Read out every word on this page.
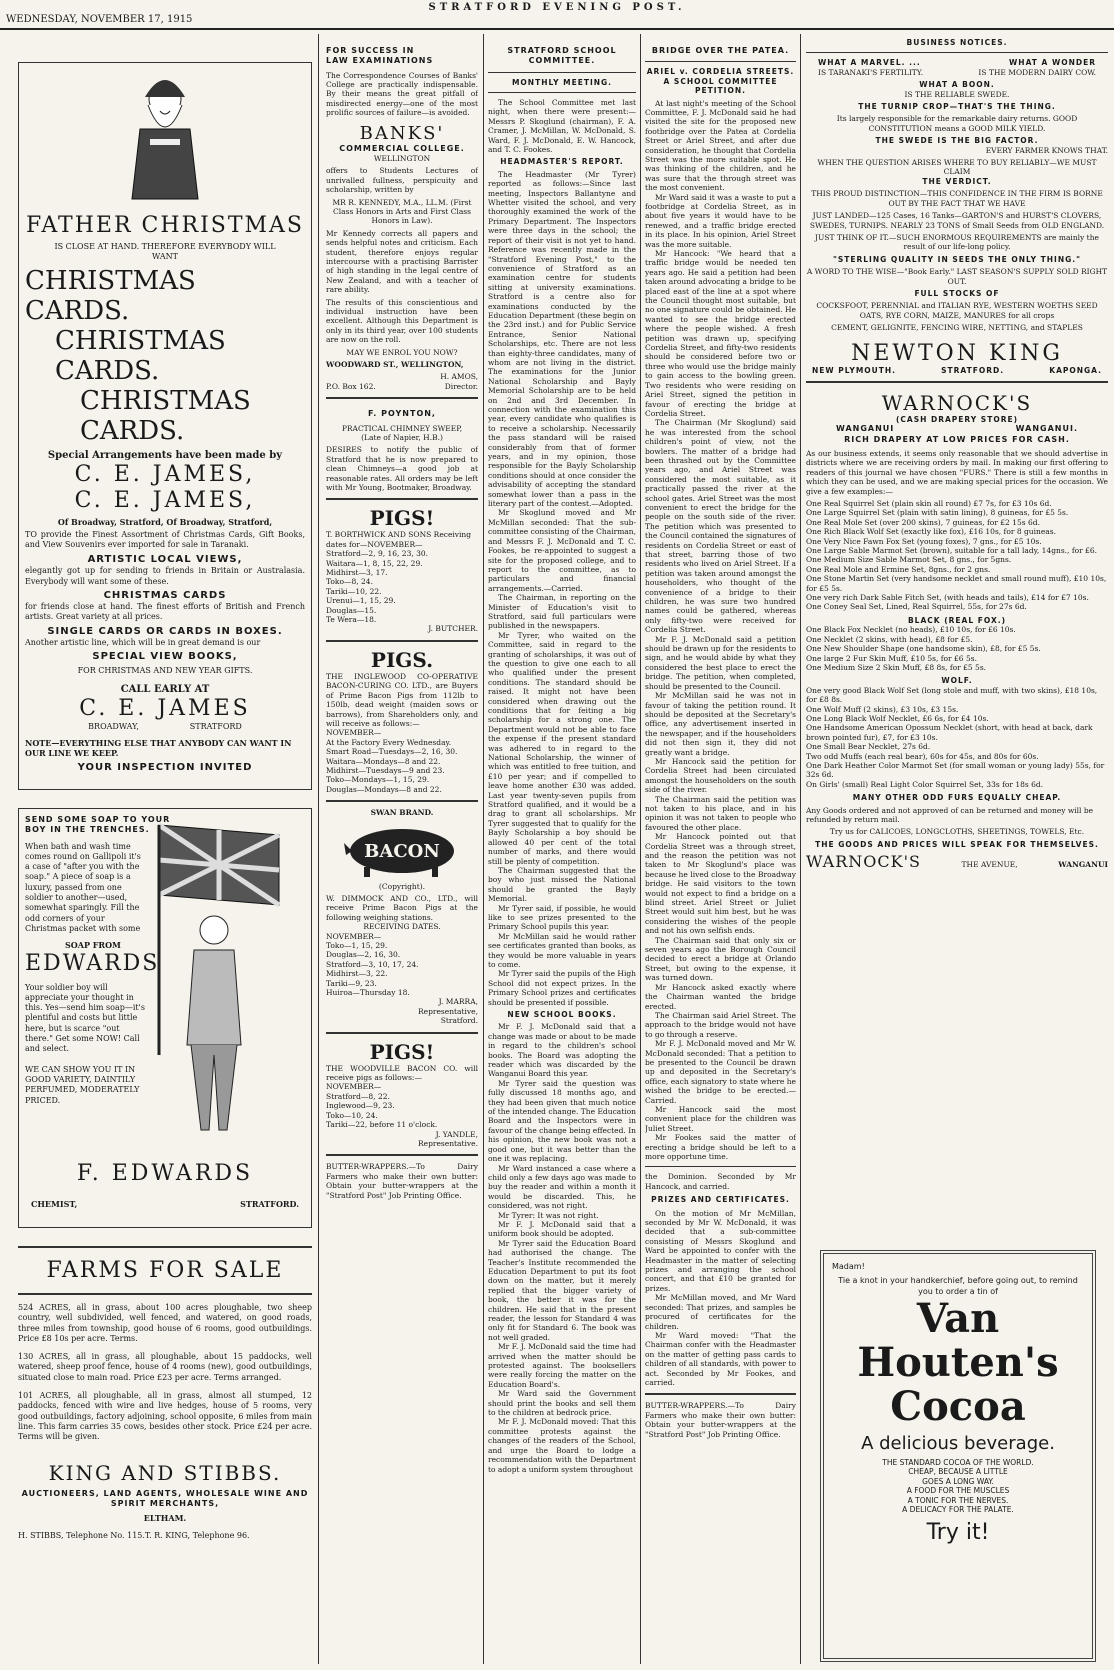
WEDNESDAY, NOVEMBER 17, 1915
STRATFORD EVENING POST.
FATHER CHRISTMAS
IS CLOSE AT HAND. THEREFORE EVERYBODY WILL WANT
CHRISTMAS CARDS.
CHRISTMAS CARDS.
CHRISTMAS CARDS.
Special Arrangements have been made by
C. E. JAMES,
C. E. JAMES,
Of Broadway, Stratford, Of Broadway, Stratford,
TO provide the Finest Assortment of Christmas Cards, Gift Books, and View Souvenirs ever imported for sale in Taranaki.
ARTISTIC LOCAL VIEWS,
elegantly got up for sending to friends in Britain or Australasia. Everybody will want some of these.
CHRISTMAS CARDS
for friends close at hand. The finest efforts of British and French artists. Great variety at all prices.
SINGLE CARDS OR CARDS IN BOXES.
Another artistic line, which will be in great demand is our
SPECIAL VIEW BOOKS,
FOR CHRISTMAS AND NEW YEAR GIFTS.
CALL EARLY AT
C. E. JAMES
BROADWAY,                    STRATFORD
NOTE—EVERYTHING ELSE THAT ANYBODY CAN WANT IN OUR LINE WE KEEP.
YOUR INSPECTION INVITED
SEND SOME SOAP TO YOUR
BOY IN THE TRENCHES.
When bath and wash time comes round on Gallipoli it's a case of "after you with the soap." A piece of soap is a luxury, passed from one soldier to another—used, somewhat sparingly. Fill the odd corners of your Christmas packet with some
SOAP FROM
EDWARDS
Your soldier boy will appreciate your thought in this. Yes—send him soap—it's plentiful and costs but little here, but is scarce "out there." Get some NOW! Call and select.
WE CAN SHOW YOU IT IN GOOD VARIETY, DAINTILY PERFUMED, MODERATELY PRICED.
F. EDWARDS
CHEMIST,	STRATFORD.
FARMS FOR SALE
524 ACRES, all in grass, about 100 acres ploughable, two sheep country, well subdivided, well fenced, and watered, on good roads, three miles from township, good house of 6 rooms, good outbuildings. Price £8 10s per acre. Terms.
130 ACRES, all in grass, all ploughable, about 15 paddocks, well watered, sheep proof fence, house of 4 rooms (new), good outbuildings, situated close to main road. Price £23 per acre. Terms arranged.
101 ACRES, all ploughable, all in grass, almost all stumped, 12 paddocks, fenced with wire and live hedges, house of 5 rooms, very good outbuildings, factory adjoining, school opposite, 6 miles from main line. This farm carries 35 cows, besides other stock. Price £24 per acre. Terms will be given.
KING AND STIBBS.
AUCTIONEERS, LAND AGENTS, WHOLESALE WINE AND SPIRIT MERCHANTS,
ELTHAM.
H. STIBBS, Telephone No. 115.T. R. KING, Telephone 96.
FOR SUCCESS IN
LAW EXAMINATIONS
The Correspondence Courses of Banks' College are practically indispensable. By their means the great pitfall of misdirected energy—one of the most prolific sources of failure—is avoided.
BANKS'
COMMERCIAL COLLEGE.
WELLINGTON
offers to Students Lectures of unrivalled fullness, perspicuity and scholarship, written by
MR R. KENNEDY, M.A., LL.M. (First Class Honors in Arts and First Class Honors in Law).
Mr Kennedy corrects all papers and sends helpful notes and criticism. Each student, therefore enjoys regular intercourse with a practising Barrister of high standing in the legal centre of New Zealand, and with a teacher of rare ability.
The results of this conscientious and individual instruction have been excellent. Although this Department is only in its third year, over 100 students are now on the roll.
MAY WE ENROL YOU NOW?
WOODWARD ST., WELLINGTON,
H. AMOS,
P.O. Box 162.	Director.
F. POYNTON,
PRACTICAL CHIMNEY SWEEP,
(Late of Napier, H.B.)
DESIRES to notify the public of Stratford that he is now prepared to clean Chimneys—a good job at reasonable rates. All orders may be left with Mr Young, Bootmaker, Broadway.
PIGS!
T. BORTHWICK AND SONS Receiving dates for—NOVEMBER—
Stratford—2, 9, 16, 23, 30.
Waitara—1, 8, 15, 22, 29.
Midhirst—3, 17.
Toko—8, 24.
Tariki—10, 22.
Urenui—1, 15, 29.
Douglas—15.
Te Wera—18.
J. BUTCHER.
PIGS.
THE INGLEWOOD CO-OPERATIVE BACON-CURING CO. LTD., are Buyers of Prime Bacon Pigs from 112lb to 150lb, dead weight (maiden sows or barrows), from Shareholders only, and will receive as follows:—
NOVEMBER—
At the Factory Every Wednesday.
Smart Road—Tuesdays—2, 16, 30.
Waitara—Mondays—8 and 22.
Midhirst—Tuesdays—9 and 23.
Toko—Mondays—1, 15, 29.
Douglas—Mondays—8 and 22.
SWAN BRAND.
BACON
(Copyright).
W. DIMMOCK AND CO., LTD., will receive Prime Bacon Pigs at the following weighing stations.
RECEIVING DATES.
NOVEMBER—
Toko—1, 15, 29.
Douglas—2, 16, 30.
Stratford—3, 10, 17, 24.
Midhirst—3, 22.
Tariki—9, 23.
Huiroa—Thursday 18.
J. MARRA,
Representative,
Stratford.
PIGS!
THE WOODVILLE BACON CO. will receive pigs as follows:—
NOVEMBER—
Stratford—8, 22.
Inglewood—9, 23.
Toko—10, 24.
Tariki—22, before 11 o'clock.
J. YANDLE,
Representative.
BUTTER-WRAPPERS.—To Dairy Farmers who make their own butter: Obtain your butter-wrappers at the "Stratford Post" Job Printing Office.
STRATFORD SCHOOL COMMITTEE.
MONTHLY MEETING.
The School Committee met last night, when there were present:—Messrs P. Skoglund (chairman), F. A. Cramer, J. McMillan, W. McDonald, S. Ward, F. J. McDonald, E. W. Hancock, and T. C. Fookes.
HEADMASTER'S REPORT.
The Headmaster (Mr Tyrer) reported as follows:—Since last meeting, Inspectors Ballantyne and Whetter visited the school, and very thoroughly examined the work of the Primary Department. The Inspectors were three days in the school; the report of their visit is not yet to hand. Reference was recently made in the "Stratford Evening Post," to the convenience of Stratford as an examination centre for students sitting at university examinations. Stratford is a centre also for examinations conducted by the Education Department (these begin on the 23rd inst.) and for Public Service Entrance, Senior National Scholarships, etc. There are not less than eighty-three candidates, many of whom are not living in the district. The examinations for the Junior National Scholarship and Bayly Memorial Scholarship are to be held on 2nd and 3rd December. In connection with the examination this year, every candidate who qualifies is to receive a scholarship. Necessarily the pass standard will be raised considerably from that of former years, and in my opinion, those responsible for the Bayly Scholarship conditions should at once consider the advisability of accepting the standard somewhat lower than a pass in the literary part of the contest.—Adopted.
Mr Skoglund moved and Mr McMillan seconded: That the sub-committee consisting of the Chairman, and Messrs F. J. McDonald and T. C. Fookes, be re-appointed to suggest a site for the proposed college, and to report to the committee, as to particulars and financial arrangements.—Carried.
The Chairman, in reporting on the Minister of Education's visit to Stratford, said full particulars were published in the newspapers.
Mr Tyrer, who waited on the Committee, said in regard to the granting of scholarships, it was out of the question to give one each to all who qualified under the present conditions. The standard should be raised. It might not have been considered when drawing out the conditions that for feiting a big scholarship for a strong one. The Department would not be able to face the expense if the present standard was adhered to in regard to the National Scholarship, the winner of which was entitled to free tuition, and £10 per year; and if compelled to leave home another £30 was added. Last year twenty-seven pupils from Stratford qualified, and it would be a drag to grant all scholarships. Mr Tyrer suggested that to qualify for the Bayly Scholarship a boy should be allowed 40 per cent of the total number of marks, and there would still be plenty of competition.
The Chairman suggested that the boy who just missed the National should be granted the Bayly Memorial.
Mr Tyrer said, if possible, he would like to see prizes presented to the Primary School pupils this year.
Mr McMillan said he would rather see certificates granted than books, as they would be more valuable in years to come.
Mr Tyrer said the pupils of the High School did not expect prizes. In the Primary School prizes and certificates should be presented if possible.
NEW SCHOOL BOOKS.
Mr F. J. McDonald said that a change was made or about to be made in regard to the children's school books. The Board was adopting the reader which was discarded by the Wanganui Board this year.
Mr Tyrer said the question was fully discussed 18 months ago, and they had been given that much notice of the intended change. The Education Board and the Inspectors were in favour of the change being effected. In his opinion, the new book was not a good one, but it was better than the one it was replacing.
Mr Ward instanced a case where a child only a few days ago was made to buy the reader and within a month it would be discarded. This, he considered, was not right.
Mr Tyrer: It was not right.
Mr F. J. McDonald said that a uniform book should be adopted.
Mr Tyrer said the Education Board had authorised the change. The Teacher's Institute recommended the Education Department to put its foot down on the matter, but it merely replied that the bigger variety of book, the better it was for the children. He said that in the present reader, the lesson for Standard 4 was only fit for Standard 6. The book was not well graded.
Mr F. J. McDonald said the time had arrived when the matter should be protested against. The booksellers were really forcing the matter on the Education Board's.
Mr Ward said the Government should print the books and sell them to the children at bedrock price.
Mr F. J. McDonald moved: That this committee protests against the changes of the readers of the School, and urge the Board to lodge a recommendation with the Department to adopt a uniform system throughout
BRIDGE OVER THE PATEA.
ARIEL v. CORDELIA STREETS.
A SCHOOL COMMITTEE PETITION.
At last night's meeting of the School Committee, F. J. McDonald said he had visited the site for the proposed new footbridge over the Patea at Cordelia Street or Ariel Street, and after due consideration, he thought that Cordelia Street was the more suitable spot. He was thinking of the children, and he was sure that the through street was the most convenient.
Mr Ward said it was a waste to put a footbridge at Cordelia Street, as in about five years it would have to be renewed, and a traffic bridge erected in its place. In his opinion, Ariel Street was the more suitable.
Mr Hancock: "We heard that a traffic bridge would be needed ten years ago. He said a petition had been taken around advocating a bridge to be placed east of the line at a spot where the Council thought most suitable, but no one signature could be obtained. He wanted to see the bridge erected where the people wished. A fresh petition was drawn up, specifying Cordelia Street, and fifty-two residents should be considered before two or three who would use the bridge mainly to gain access to the bowling green. Two residents who were residing on Ariel Street, signed the petition in favour of erecting the bridge at Cordelia Street.
The Chairman (Mr Skoglund) said he was interested from the school children's point of view, not the bowlers. The matter of a bridge had been thrashed out by the Committee years ago, and Ariel Street was considered the most suitable, as it practically passed the river at the school gates. Ariel Street was the most convenient to erect the bridge for the people on the south side of the river. The petition which was presented to the Council contained the signatures of residents on Cordelia Street or east of that street, barring those of two residents who lived on Ariel Street. If a petition was taken around amongst the householders, who thought of the convenience of a bridge to their children, he was sure two hundred names could be gathered, whereas only fifty-two were received for Cordelia Street.
Mr F. J. McDonald said a petition should be drawn up for the residents to sign, and he would abide by what they considered the best place to erect the bridge. The petition, when completed, should be presented to the Council.
Mr McMillan said he was not in favour of taking the petition round. It should be deposited at the Secretary's office, any advertisement inserted in the newspaper, and if the householders did not then sign it, they did not greatly want a bridge.
Mr Hancock said the petition for Cordelia Street had been circulated amongst the householders on the south side of the river.
The Chairman said the petition was not taken to his place, and in his opinion it was not taken to people who favoured the other place.
Mr Hancock pointed out that Cordelia Street was a through street, and the reason the petition was not taken to Mr Skoglund's place was because he lived close to the Broadway bridge. He said visitors to the town would not expect to find a bridge on a blind street. Ariel Street or Juliet Street would suit him best, but he was considering the wishes of the people and not his own selfish ends.
The Chairman said that only six or seven years ago the Borough Council decided to erect a bridge at Orlando Street, but owing to the expense, it was turned down.
Mr Hancock asked exactly where the Chairman wanted the bridge erected.
The Chairman said Ariel Street. The approach to the bridge would not have to go through a reserve.
Mr F. J. McDonald moved and Mr W. McDonald seconded: That a petition to be presented to the Council be drawn up and deposited in the Secretary's office, each signatory to state where he wished the bridge to be erected.—Carried.
Mr Hancock said the most convenient place for the children was Juliet Street.
Mr Fookes said the matter of erecting a bridge should be left to a more opportune time.
the Dominion. Seconded by Mr Hancock, and carried.
PRIZES AND CERTIFICATES.
On the motion of Mr McMillan, seconded by Mr W. McDonald, it was decided that a sub-committee consisting of Messrs Skoglund and Ward be appointed to confer with the Headmaster in the matter of selecting prizes and arranging the school concert, and that £10 be granted for prizes.
Mr McMillan moved, and Mr Ward seconded: That prizes, and samples be procured of certificates for the children.
Mr Ward moved: "That the Chairman confer with the Headmaster on the matter of getting pass cards to children of all standards, with power to act. Seconded by Mr Fookes, and carried.
BUTTER-WRAPPERS.—To Dairy Farmers who make their own butter: Obtain your butter-wrappers at the "Stratford Post" Job Printing Office.
BUSINESS NOTICES.
WHAT A MARVEL. ...	WHAT A WONDER
IS TARANAKI'S FERTILITY.	IS THE MODERN DAIRY COW.
WHAT A BOON.
IS THE RELIABLE SWEDE.
THE TURNIP CROP—THAT'S THE THING.
Its largely responsible for the remarkable dairy returns. GOOD CONSTITUTION means a GOOD MILK YIELD.
THE SWEDE IS THE BIG FACTOR.
EVERY FARMER KNOWS THAT.
WHEN THE QUESTION ARISES WHERE TO BUY RELIABLY—WE MUST CLAIM
THE VERDICT.
THIS PROUD DISTINCTION—THIS CONFIDENCE IN THE FIRM IS BORNE OUT BY THE FACT THAT WE HAVE
JUST LANDED—125 Cases, 16 Tanks—GARTON'S and HURST'S CLOVERS, SWEDES, TURNIPS. NEARLY 23 TONS of Small Seeds from OLD ENGLAND.
JUST THINK OF IT.—SUCH ENORMOUS REQUIREMENTS are mainly the result of our life-long policy.
"STERLING QUALITY IN SEEDS THE ONLY THING."
A WORD TO THE WISE—"Book Early." LAST SEASON'S SUPPLY SOLD RIGHT OUT.
FULL STOCKS OF
COCKSFOOT, PERENNIAL and ITALIAN RYE, WESTERN WOETHS SEED OATS, RYE CORN, MAIZE, MANURES for all crops
CEMENT, GELIGNITE, FENCING WIRE, NETTING, and STAPLES
NEWTON KING
NEW PLYMOUTH.	STRATFORD.	KAPONGA.
WARNOCK'S
(CASH DRAPERY STORE)
WANGANUI	WANGANUI.
RICH DRAPERY AT LOW PRICES FOR CASH.
As our business extends, it seems only reasonable that we should advertise in districts where we are receiving orders by mail. In making our first offering to readers of this journal we have chosen "FURS." There is still a few months in which they can be used, and we are making special prices for the occasion. We give a few examples:—
One Real Squirrel Set (plain skin all round) £7 7s, for £3 10s 6d.
One Large Squirrel Set (plain with satin lining), 8 guineas, for £5 5s.
One Real Mole Set (over 200 skins), 7 guineas, for £2 15s 6d.
One Rich Black Wolf Set (exactly like fox), £16 10s, for 8 guineas.
One Very Nice Fawn Fox Set (young foxes), 7 gns., for £5 10s.
One Large Sable Marmot Set (brown), suitable for a tall lady, 14gns., for £6.
One Medium Size Sable Marmot Set, 8 gns., for 5gns.
One Real Mole and Ermine Set, 8gns., for 2 gns.
One Stone Martin Set (very handsome necklet and small round muff), £10 10s, for £5 5s.
One very rich Dark Sable Fitch Set, (with heads and tails), £14 for £7 10s.
One Coney Seal Set, Lined, Real Squirrel, 55s, for 27s 6d.
BLACK (REAL FOX.)
One Black Fox Necklet (no heads), £10 10s, for £6 10s.
One Necklet (2 skins, with head), £8 for £5.
One New Shoulder Shape (one handsome skin), £8, for £5 5s.
One large 2 Fur Skin Muff, £10 5s, for £6 5s.
One Medium Size 2 Skin Muff, £8 8s, for £5 5s.
WOLF.
One very good Black Wolf Set (long stole and muff, with two skins), £18 10s, for £8 8s.
One Wolf Muff (2 skins), £3 10s, £3 15s.
One Long Black Wolf Necklet, £6 6s, for £4 10s.
One Handsome American Opossum Necklet (short, with head at back, dark brown pointed fur), £7, for £3 10s.
One Small Bear Necklet, 27s 6d.
Two odd Muffs (each real bear), 60s for 45s, and 80s for 60s.
One Dark Heather Color Marmot Set (for small woman or young lady) 55s, for 32s 6d.
On Girls' (small) Real Light Color Squirrel Set, 33s for 18s 6d.
MANY OTHER ODD FURS EQUALLY CHEAP.
Any Goods ordered and not approved of can be returned and money will be refunded by return mail.
Try us for CALICOES, LONGCLOTHS, SHEETINGS, TOWELS, Etc.
THE GOODS AND PRICES WILL SPEAK FOR THEMSELVES.
WARNOCK'S	THE AVENUE,	WANGANUI
Madam!
Tie a knot in your handkerchief, before going out, to remind you to order a tin of
Van
Houten's
Cocoa
A delicious beverage.
THE STANDARD COCOA OF THE WORLD.
CHEAP, BECAUSE A LITTLE
GOES A LONG WAY.
A FOOD FOR THE MUSCLES
A TONIC FOR THE NERVES.
A DELICACY FOR THE PALATE.
Try it!
